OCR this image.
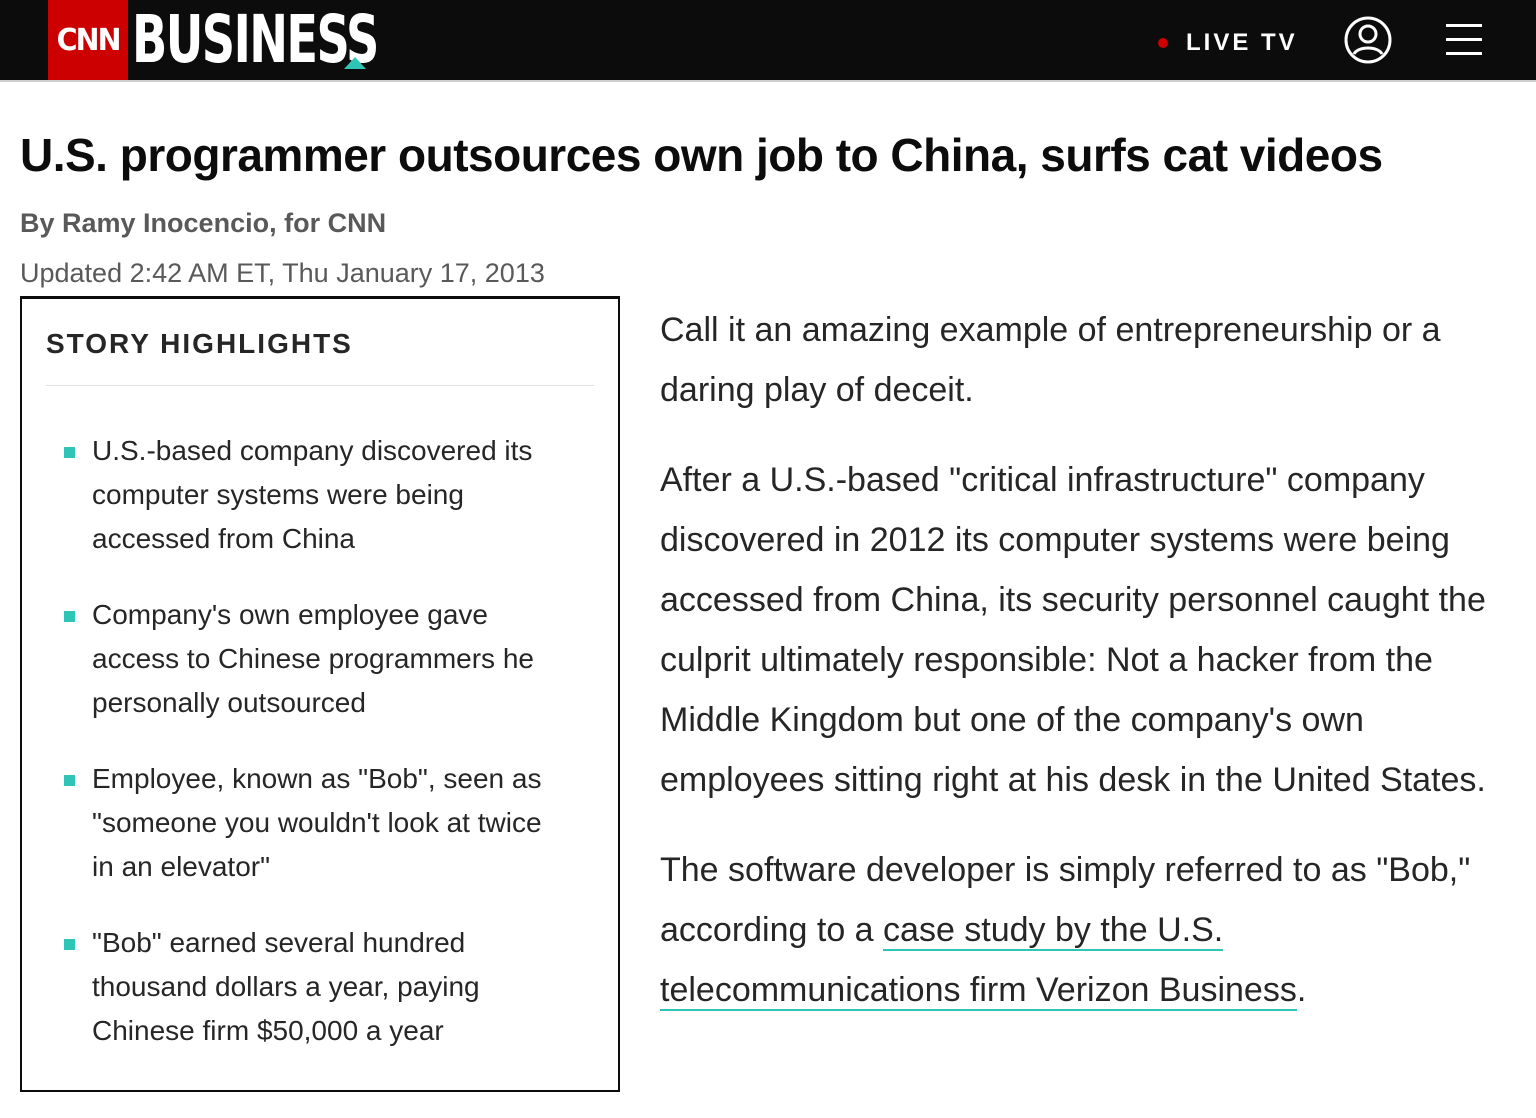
CNN BUSINESS	LIVE TV
U.S. programmer outsources own job to China, surfs cat videos
By Ramy Inocencio, for CNN
Updated 2:42 AM ET, Thu January 17, 2013
STORY HIGHLIGHTS
U.S.-based company discovered its computer systems were being accessed from China
Company's own employee gave access to Chinese programmers he personally outsourced
Employee, known as "Bob", seen as "someone you wouldn't look at twice in an elevator"
"Bob" earned several hundred thousand dollars a year, paying Chinese firm $50,000 a year

Call it an amazing example of entrepreneurship or a daring play of deceit.

After a U.S.-based "critical infrastructure" company discovered in 2012 its computer systems were being accessed from China, its security personnel caught the culprit ultimately responsible: Not a hacker from the Middle Kingdom but one of the company's own employees sitting right at his desk in the United States.

The software developer is simply referred to as "Bob," according to a case study by the U.S. telecommunications firm Verizon Business.
